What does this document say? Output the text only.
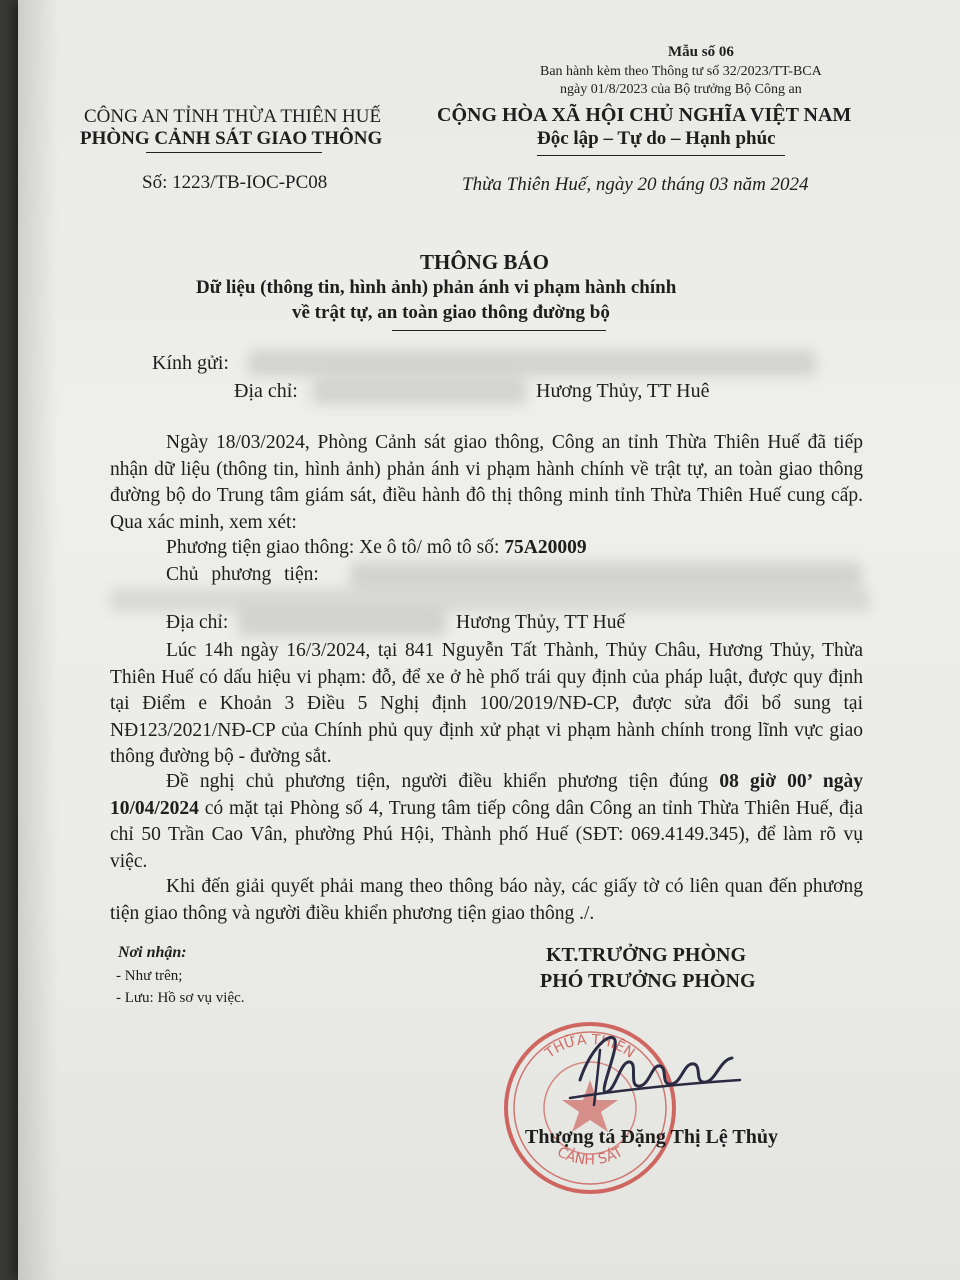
Mẫu số 06
Ban hành kèm theo Thông tư số 32/2023/TT-BCA
ngày 01/8/2023 của Bộ trưởng Bộ Công an
CÔNG AN TỈNH THỪA THIÊN HUẾ
PHÒNG CẢNH SÁT GIAO THÔNG
CỘNG HÒA XÃ HỘI CHỦ NGHĨA VIỆT NAM
Độc lập – Tự do – Hạnh phúc
Số: 1223/TB-IOC-PC08	Thừa Thiên Huế, ngày 20 tháng 03 năm 2024
THÔNG BÁO
Dữ liệu (thông tin, hình ảnh) phản ánh vi phạm hành chính
về trật tự, an toàn giao thông đường bộ
Kính gửi:
Địa chỉ:	Hương Thủy, TT Huê
Ngày 18/03/2024, Phòng Cảnh sát giao thông, Công an tỉnh Thừa Thiên Huế đã tiếp nhận dữ liệu (thông tin, hình ảnh) phản ánh vi phạm hành chính về trật tự, an toàn giao thông đường bộ do Trung tâm giám sát, điều hành đô thị thông minh tỉnh Thừa Thiên Huế cung cấp. Qua xác minh, xem xét:
Phương tiện giao thông: Xe ô tô/ mô tô số: 75A20009
Chủ phương tiện:
Địa chỉ:	Hương Thủy, TT Huế
Lúc 14h ngày 16/3/2024, tại 841 Nguyễn Tất Thành, Thủy Châu, Hương Thủy, Thừa Thiên Huế có dấu hiệu vi phạm: đỗ, để xe ở hè phố trái quy định của pháp luật, được quy định tại Điểm e Khoản 3 Điều 5 Nghị định 100/2019/NĐ-CP, được sửa đổi bổ sung tại NĐ123/2021/NĐ-CP của Chính phủ quy định xử phạt vi phạm hành chính trong lĩnh vực giao thông đường bộ - đường sắt.
Đề nghị chủ phương tiện, người điều khiển phương tiện đúng 08 giờ 00’ ngày 10/04/2024 có mặt tại Phòng số 4, Trung tâm tiếp công dân Công an tỉnh Thừa Thiên Huế, địa chỉ 50 Trần Cao Vân, phường Phú Hội, Thành phố Huế (SĐT: 069.4149.345), để làm rõ vụ việc.
Khi đến giải quyết phải mang theo thông báo này, các giấy tờ có liên quan đến phương tiện giao thông và người điều khiển phương tiện giao thông ./.
Nơi nhận:
- Như trên;
- Lưu: Hồ sơ vụ việc.
KT.TRƯỞNG PHÒNG
PHÓ TRƯỞNG PHÒNG
THỪA THIÊN
CẢNH SÁT
Thượng tá Đặng Thị Lệ Thủy
